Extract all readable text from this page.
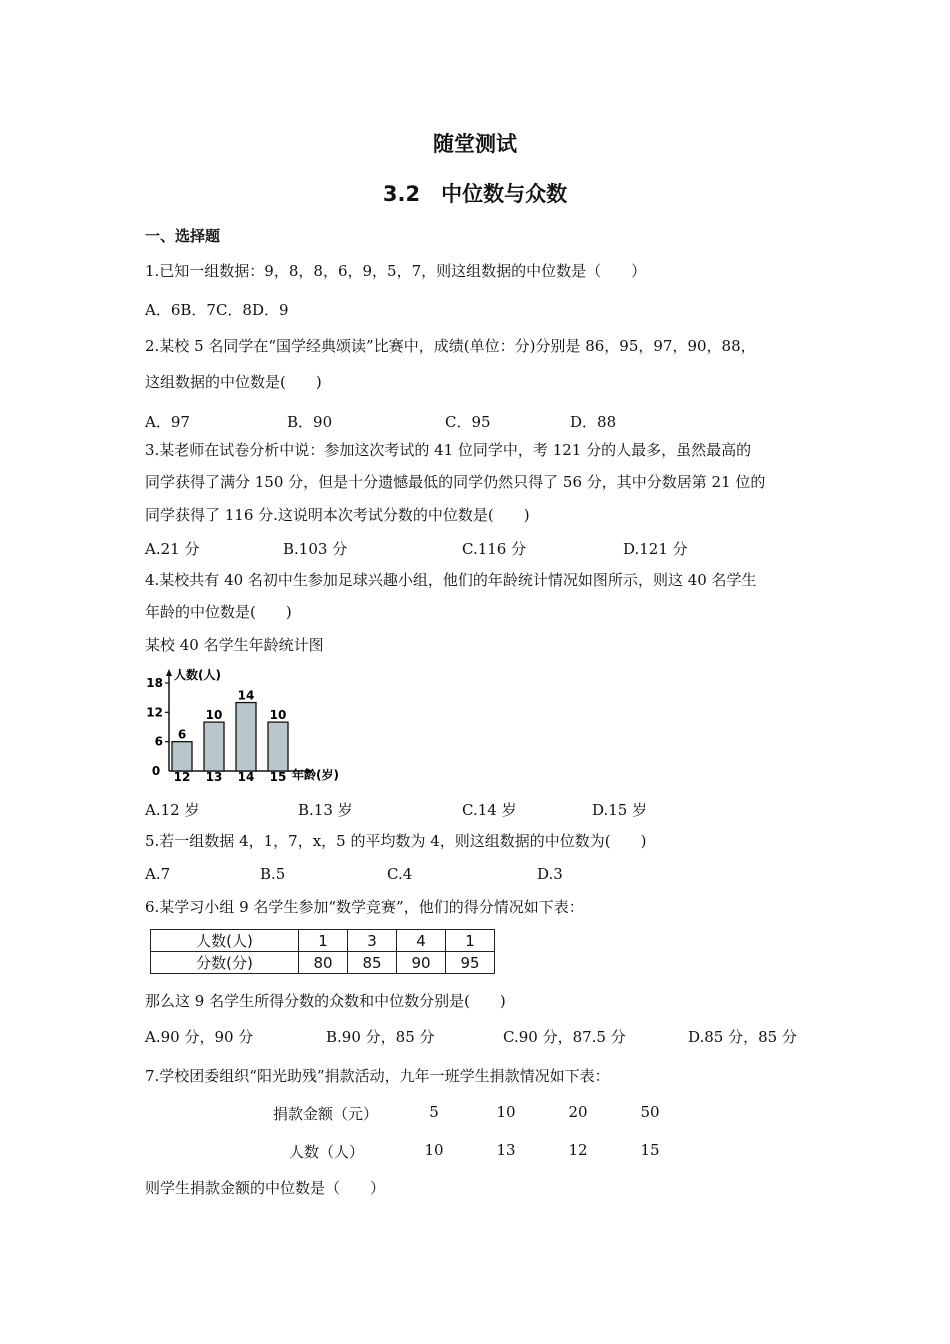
随堂测试
3.2　中位数与众数
一、选择题
1.已知一组数据：9，8，8，6，9，5，7，则这组数据的中位数是（　　）
A．6B．7C．8D．9
2.某校 5 名同学在“国学经典颂读”比赛中，成绩(单位：分)分别是 86，95，97，90，88，
这组数据的中位数是(　　)
A．97	B．90	C．95	D．88
3.某老师在试卷分析中说：参加这次考试的 41 位同学中，考 121 分的人最多，虽然最高的
同学获得了满分 150 分，但是十分遗憾最低的同学仍然只得了 56 分，其中分数居第 21 位的
同学获得了 116 分.这说明本次考试分数的中位数是(　　)
A.21 分	B.103 分	C.116 分	D.121 分
4.某校共有 40 名初中生参加足球兴趣小组，他们的年龄统计情况如图所示，则这 40 名学生
年龄的中位数是(　　)
某校 40 名学生年龄统计图
人数(人)
年龄(岁)
0
6
12
18
6
12
10
13
14
14
10
15
A.12 岁	B.13 岁	C.14 岁	D.15 岁
5.若一组数据 4，1，7，x，5 的平均数为 4，则这组数据的中位数为(　　)
A.7	B.5	C.4	D.3
6.某学习小组 9 名学生参加“数学竞赛”，他们的得分情况如下表：
人数(人)	1	3	4	1
分数(分)	80	85	90	95
那么这 9 名学生所得分数的众数和中位数分别是(　　)
A.90 分，90 分	B.90 分，85 分	C.90 分，87.5 分	D.85 分，85 分
7.学校团委组织“阳光助残”捐款活动，九年一班学生捐款情况如下表：
捐款金额（元）	5	10	20	50
人数（人）	10	13	12	15
则学生捐款金额的中位数是（　　）
